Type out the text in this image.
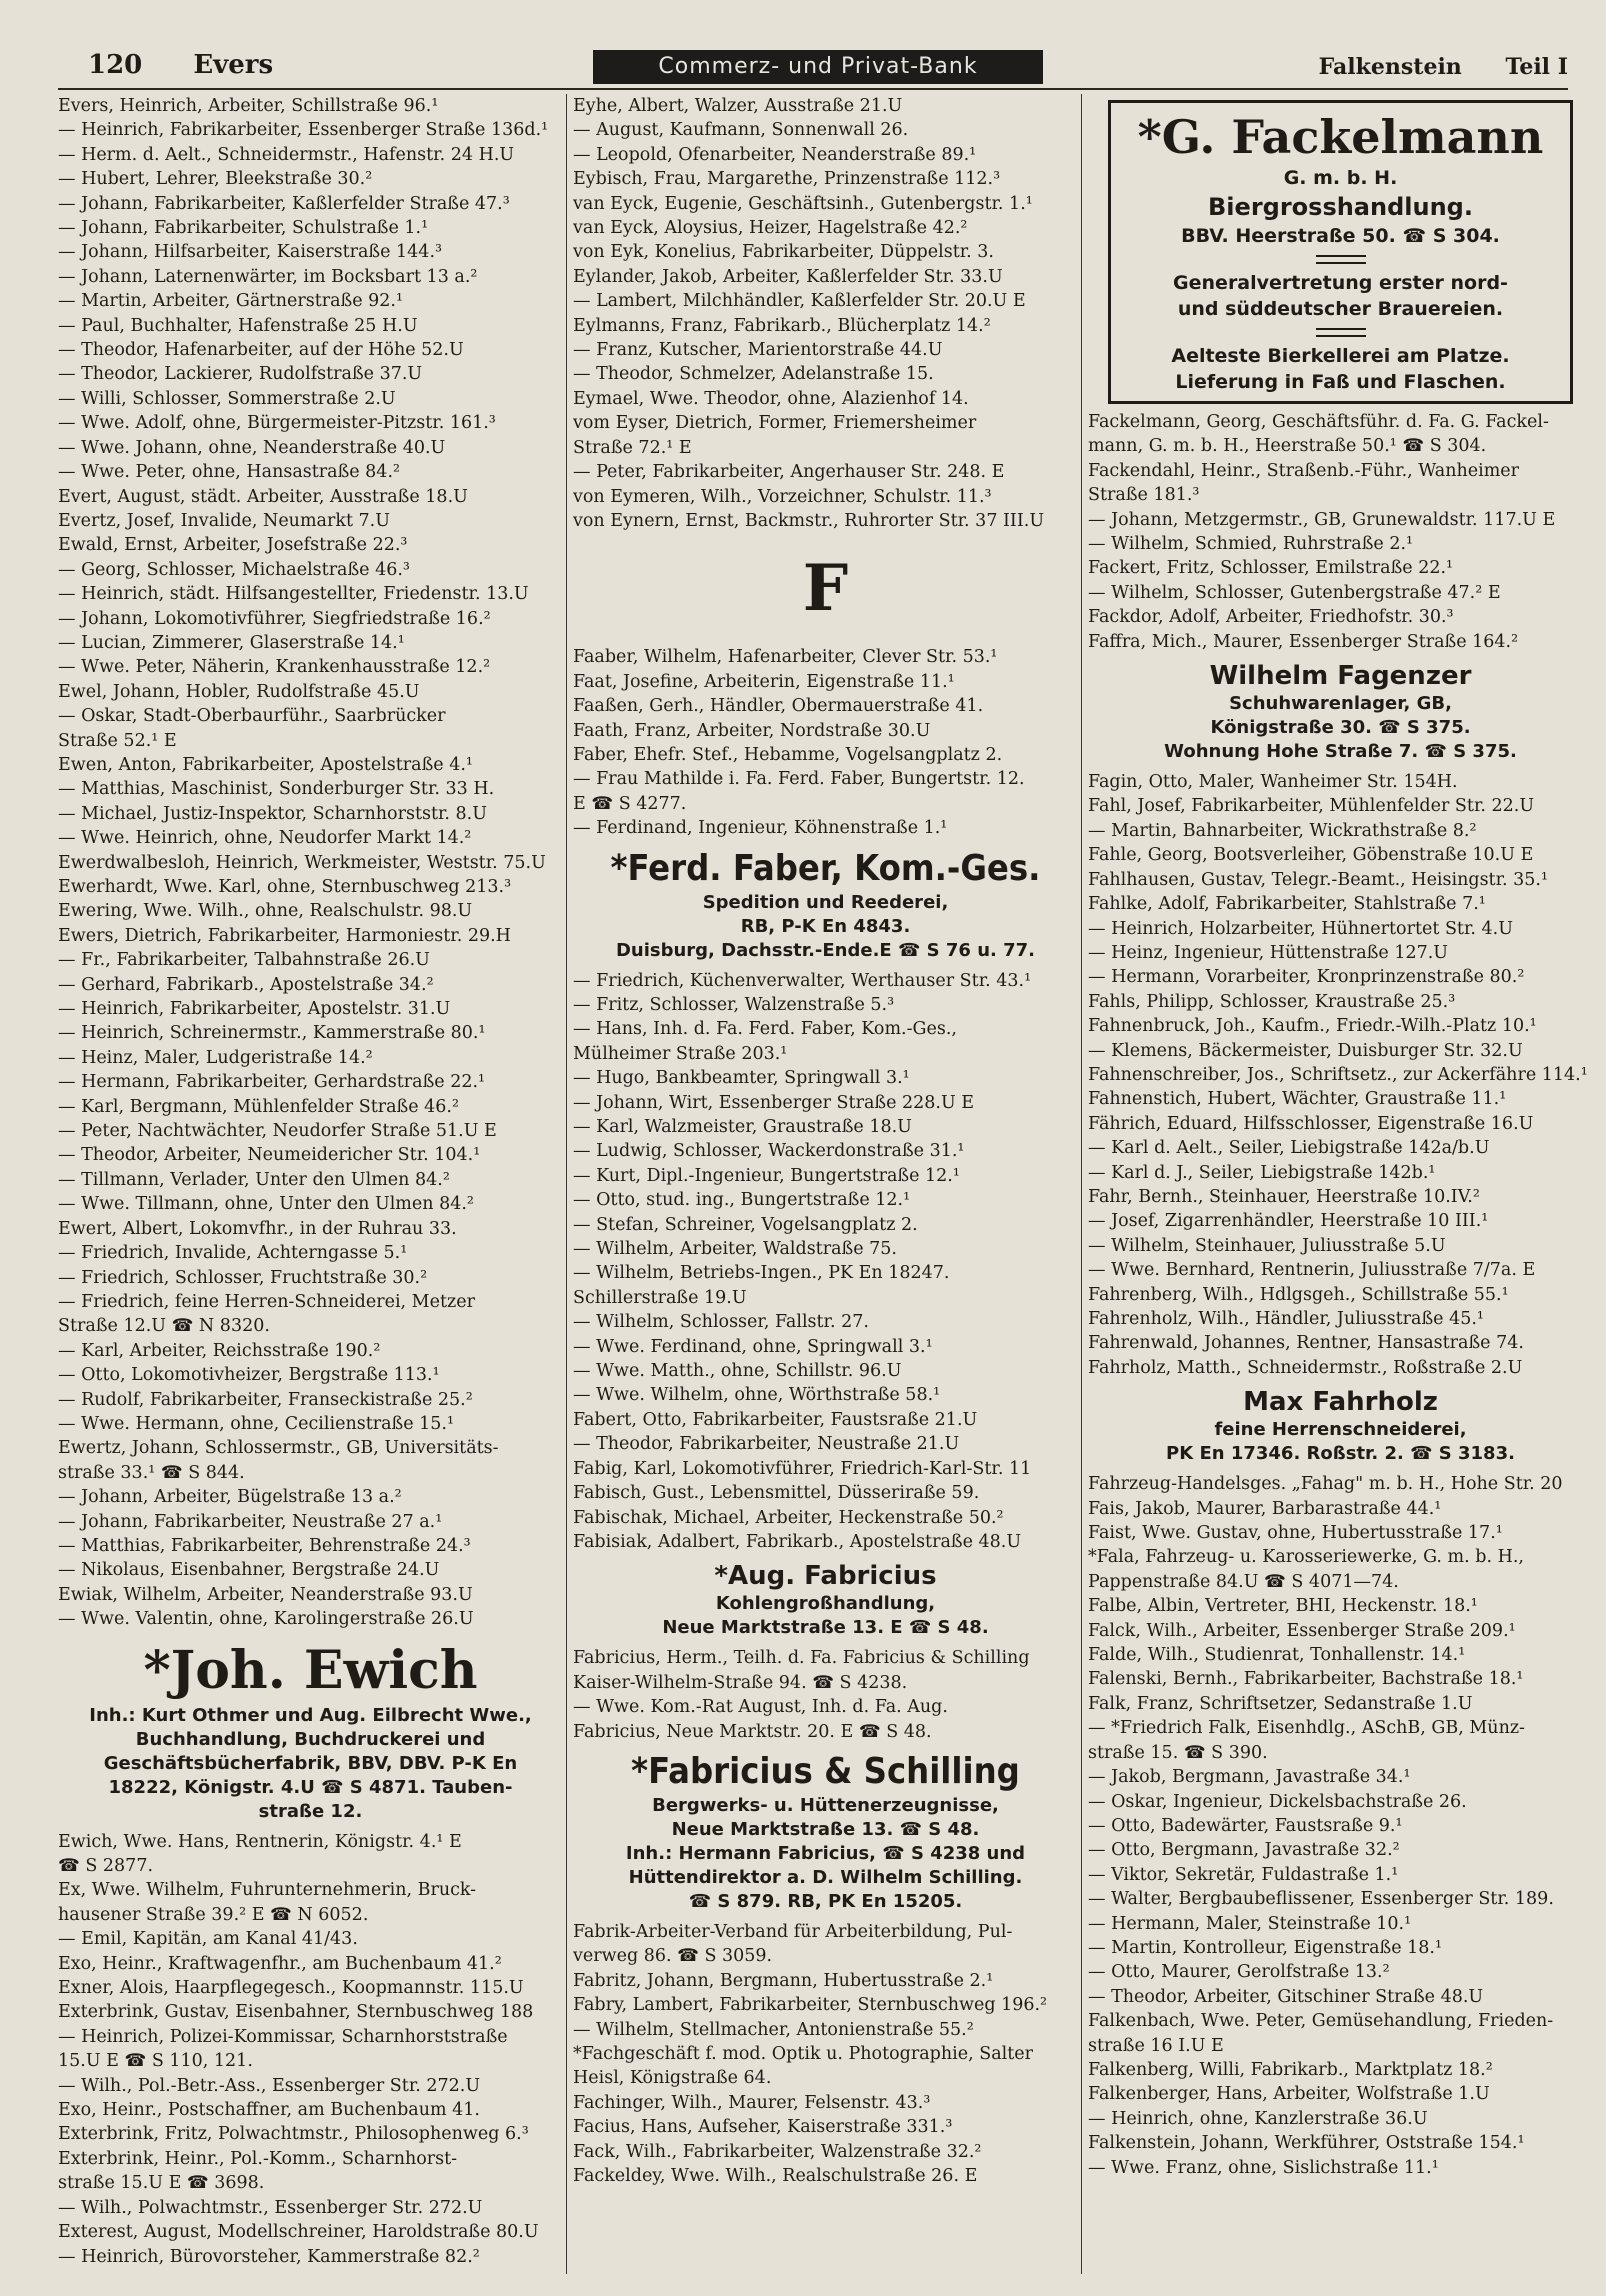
120 Evers	Commerz- und Privat-Bank	Falkenstein Teil I
Evers, Heinrich, Arbeiter, Schillstraße 96.¹
— Heinrich, Fabrikarbeiter, Essenberger Straße 136d.¹
— Herm. d. Aelt., Schneidermstr., Hafenstr. 24 H.U
— Hubert, Lehrer, Bleekstraße 30.²
— Johann, Fabrikarbeiter, Kaßlerfelder Straße 47.³
— Johann, Fabrikarbeiter, Schulstraße 1.¹
— Johann, Hilfsarbeiter, Kaiserstraße 144.³
— Johann, Laternenwärter, im Bocksbart 13 a.²
— Martin, Arbeiter, Gärtnerstraße 92.¹
— Paul, Buchhalter, Hafenstraße 25 H.U
— Theodor, Hafenarbeiter, auf der Höhe 52.U
— Theodor, Lackierer, Rudolfstraße 37.U
— Willi, Schlosser, Sommerstraße 2.U
— Wwe. Adolf, ohne, Bürgermeister-Pitzstr. 161.³
— Wwe. Johann, ohne, Neanderstraße 40.U
— Wwe. Peter, ohne, Hansastraße 84.²
Evert, August, städt. Arbeiter, Ausstraße 18.U
Evertz, Josef, Invalide, Neumarkt 7.U
Ewald, Ernst, Arbeiter, Josefstraße 22.³
— Georg, Schlosser, Michaelstraße 46.³
— Heinrich, städt. Hilfsangestellter, Friedenstr. 13.U
— Johann, Lokomotivführer, Siegfriedstraße 16.²
— Lucian, Zimmerer, Glaserstraße 14.¹
— Wwe. Peter, Näherin, Krankenhausstraße 12.²
Ewel, Johann, Hobler, Rudolfstraße 45.U
— Oskar, Stadt-Oberbaurführ., Saarbrücker
Straße 52.¹ E
Ewen, Anton, Fabrikarbeiter, Apostelstraße 4.¹
— Matthias, Maschinist, Sonderburger Str. 33 H.
— Michael, Justiz-Inspektor, Scharnhorststr. 8.U
— Wwe. Heinrich, ohne, Neudorfer Markt 14.²
Ewerdwalbesloh, Heinrich, Werkmeister, Weststr. 75.U
Ewerhardt, Wwe. Karl, ohne, Sternbuschweg 213.³
Ewering, Wwe. Wilh., ohne, Realschulstr. 98.U
Ewers, Dietrich, Fabrikarbeiter, Harmoniestr. 29.H
— Fr., Fabrikarbeiter, Talbahnstraße 26.U
— Gerhard, Fabrikarb., Apostelstraße 34.²
— Heinrich, Fabrikarbeiter, Apostelstr. 31.U
— Heinrich, Schreinermstr., Kammerstraße 80.¹
— Heinz, Maler, Ludgeristraße 14.²
— Hermann, Fabrikarbeiter, Gerhardstraße 22.¹
— Karl, Bergmann, Mühlenfelder Straße 46.²
— Peter, Nachtwächter, Neudorfer Straße 51.U E
— Theodor, Arbeiter, Neumeidericher Str. 104.¹
— Tillmann, Verlader, Unter den Ulmen 84.²
— Wwe. Tillmann, ohne, Unter den Ulmen 84.²
Ewert, Albert, Lokomvfhr., in der Ruhrau 33.
— Friedrich, Invalide, Achterngasse 5.¹
— Friedrich, Schlosser, Fruchtstraße 30.²
— Friedrich, feine Herren-Schneiderei, Metzer
Straße 12.U ☎ N 8320.
— Karl, Arbeiter, Reichsstraße 190.²
— Otto, Lokomotivheizer, Bergstraße 113.¹
— Rudolf, Fabrikarbeiter, Franseckistraße 25.²
— Wwe. Hermann, ohne, Cecilienstraße 15.¹
Ewertz, Johann, Schlossermstr., GB, Universitäts-
straße 33.¹ ☎ S 844.
— Johann, Arbeiter, Bügelstraße 13 a.²
— Johann, Fabrikarbeiter, Neustraße 27 a.¹
— Matthias, Fabrikarbeiter, Behrenstraße 24.³
— Nikolaus, Eisenbahner, Bergstraße 24.U
Ewiak, Wilhelm, Arbeiter, Neanderstraße 93.U
— Wwe. Valentin, ohne, Karolingerstraße 26.U
*Joh. Ewich
Inh.: Kurt Othmer und Aug. Eilbrecht Wwe.,
Buchhandlung, Buchdruckerei und
Geschäftsbücherfabrik, BBV, DBV. P-K En
18222, Königstr. 4.U ☎ S 4871. Tauben-
straße 12.
Ewich, Wwe. Hans, Rentnerin, Königstr. 4.¹ E
☎ S 2877.
Ex, Wwe. Wilhelm, Fuhrunternehmerin, Bruck-
hausener Straße 39.² E ☎ N 6052.
— Emil, Kapitän, am Kanal 41/43.
Exo, Heinr., Kraftwagenfhr., am Buchenbaum 41.²
Exner, Alois, Haarpflegegesch., Koopmannstr. 115.U
Exterbrink, Gustav, Eisenbahner, Sternbuschweg 188
— Heinrich, Polizei-Kommissar, Scharnhorststraße
15.U E ☎ S 110, 121.
— Wilh., Pol.-Betr.-Ass., Essenberger Str. 272.U
Exo, Heinr., Postschaffner, am Buchenbaum 41.
Exterbrink, Fritz, Polwachtmstr., Philosophenweg 6.³
Exterbrink, Heinr., Pol.-Komm., Scharnhorst-
straße 15.U E ☎ 3698.
— Wilh., Polwachtmstr., Essenberger Str. 272.U
Exterest, August, Modellschreiner, Haroldstraße 80.U
— Heinrich, Bürovorsteher, Kammerstraße 82.²
Eyhe, Albert, Walzer, Ausstraße 21.U
— August, Kaufmann, Sonnenwall 26.
— Leopold, Ofenarbeiter, Neanderstraße 89.¹
Eybisch, Frau, Margarethe, Prinzenstraße 112.³
van Eyck, Eugenie, Geschäftsinh., Gutenbergstr. 1.¹
van Eyck, Aloysius, Heizer, Hagelstraße 42.²
von Eyk, Konelius, Fabrikarbeiter, Düppelstr. 3.
Eylander, Jakob, Arbeiter, Kaßlerfelder Str. 33.U
— Lambert, Milchhändler, Kaßlerfelder Str. 20.U E
Eylmanns, Franz, Fabrikarb., Blücherplatz 14.²
— Franz, Kutscher, Marientorstraße 44.U
— Theodor, Schmelzer, Adelanstraße 15.
Eymael, Wwe. Theodor, ohne, Alazienhof 14.
vom Eyser, Dietrich, Former, Friemersheimer
Straße 72.¹ E
— Peter, Fabrikarbeiter, Angerhauser Str. 248. E
von Eymeren, Wilh., Vorzeichner, Schulstr. 11.³
von Eynern, Ernst, Backmstr., Ruhrorter Str. 37 III.U
F
Faaber, Wilhelm, Hafenarbeiter, Clever Str. 53.¹
Faat, Josefine, Arbeiterin, Eigenstraße 11.¹
Faaßen, Gerh., Händler, Obermauerstraße 41.
Faath, Franz, Arbeiter, Nordstraße 30.U
Faber, Ehefr. Stef., Hebamme, Vogelsangplatz 2.
— Frau Mathilde i. Fa. Ferd. Faber, Bungertstr. 12.
E ☎ S 4277.
— Ferdinand, Ingenieur, Köhnenstraße 1.¹
*Ferd. Faber, Kom.-Ges.
Spedition und Reederei,
RB, P-K En 4843.
Duisburg, Dachsstr.-Ende.E ☎ S 76 u. 77.
— Friedrich, Küchenverwalter, Werthauser Str. 43.¹
— Fritz, Schlosser, Walzenstraße 5.³
— Hans, Inh. d. Fa. Ferd. Faber, Kom.-Ges.,
Mülheimer Straße 203.¹
— Hugo, Bankbeamter, Springwall 3.¹
— Johann, Wirt, Essenberger Straße 228.U E
— Karl, Walzmeister, Graustraße 18.U
— Ludwig, Schlosser, Wackerdonstraße 31.¹
— Kurt, Dipl.-Ingenieur, Bungertstraße 12.¹
— Otto, stud. ing., Bungertstraße 12.¹
— Stefan, Schreiner, Vogelsangplatz 2.
— Wilhelm, Arbeiter, Waldstraße 75.
— Wilhelm, Betriebs-Ingen., PK En 18247.
Schillerstraße 19.U
— Wilhelm, Schlosser, Fallstr. 27.
— Wwe. Ferdinand, ohne, Springwall 3.¹
— Wwe. Matth., ohne, Schillstr. 96.U
— Wwe. Wilhelm, ohne, Wörthstraße 58.¹
Fabert, Otto, Fabrikarbeiter, Faustsraße 21.U
— Theodor, Fabrikarbeiter, Neustraße 21.U
Fabig, Karl, Lokomotivführer, Friedrich-Karl-Str. 11
Fabisch, Gust., Lebensmittel, Düsseriraße 59.
Fabischak, Michael, Arbeiter, Heckenstraße 50.²
Fabisiak, Adalbert, Fabrikarb., Apostelstraße 48.U
*Aug. Fabricius
Kohlengroßhandlung,
Neue Marktstraße 13. E ☎ S 48.
Fabricius, Herm., Teilh. d. Fa. Fabricius & Schilling
Kaiser-Wilhelm-Straße 94. ☎ S 4238.
— Wwe. Kom.-Rat August, Inh. d. Fa. Aug.
Fabricius, Neue Marktstr. 20. E ☎ S 48.
*Fabricius & Schilling
Bergwerks- u. Hüttenerzeugnisse,
Neue Marktstraße 13. ☎ S 48.
Inh.: Hermann Fabricius, ☎ S 4238 und
Hüttendirektor a. D. Wilhelm Schilling.
☎ S 879. RB, PK En 15205.
Fabrik-Arbeiter-Verband für Arbeiterbildung, Pul-
verweg 86. ☎ S 3059.
Fabritz, Johann, Bergmann, Hubertusstraße 2.¹
Fabry, Lambert, Fabrikarbeiter, Sternbuschweg 196.²
— Wilhelm, Stellmacher, Antonienstraße 55.²
*Fachgeschäft f. mod. Optik u. Photographie, Salter
Heisl, Königstraße 64.
Fachinger, Wilh., Maurer, Felsenstr. 43.³
Facius, Hans, Aufseher, Kaiserstraße 331.³
Fack, Wilh., Fabrikarbeiter, Walzenstraße 32.²
Fackeldey, Wwe. Wilh., Realschulstraße 26. E
*G. Fackelmann
G. m. b. H.
Biergrosshandlung.
BBV. Heerstraße 50. ☎ S 304.
Generalvertretung erster nord-
und süddeutscher Brauereien.
Aelteste Bierkellerei am Platze.
Lieferung in Faß und Flaschen.
Fackelmann, Georg, Geschäftsführ. d. Fa. G. Fackel-
mann, G. m. b. H., Heerstraße 50.¹ ☎ S 304.
Fackendahl, Heinr., Straßenb.-Führ., Wanheimer
Straße 181.³
— Johann, Metzgermstr., GB, Grunewaldstr. 117.U E
— Wilhelm, Schmied, Ruhrstraße 2.¹
Fackert, Fritz, Schlosser, Emilstraße 22.¹
— Wilhelm, Schlosser, Gutenbergstraße 47.² E
Fackdor, Adolf, Arbeiter, Friedhofstr. 30.³
Faffra, Mich., Maurer, Essenberger Straße 164.²
Wilhelm Fagenzer
Schuhwarenlager, GB,
Königstraße 30. ☎ S 375.
Wohnung Hohe Straße 7. ☎ S 375.
Fagin, Otto, Maler, Wanheimer Str. 154H.
Fahl, Josef, Fabrikarbeiter, Mühlenfelder Str. 22.U
— Martin, Bahnarbeiter, Wickrathstraße 8.²
Fahle, Georg, Bootsverleiher, Göbenstraße 10.U E
Fahlhausen, Gustav, Telegr.-Beamt., Heisingstr. 35.¹
Fahlke, Adolf, Fabrikarbeiter, Stahlstraße 7.¹
— Heinrich, Holzarbeiter, Hühnertortet Str. 4.U
— Heinz, Ingenieur, Hüttenstraße 127.U
— Hermann, Vorarbeiter, Kronprinzenstraße 80.²
Fahls, Philipp, Schlosser, Kraustraße 25.³
Fahnenbruck, Joh., Kaufm., Friedr.-Wilh.-Platz 10.¹
— Klemens, Bäckermeister, Duisburger Str. 32.U
Fahnenschreiber, Jos., Schriftsetz., zur Ackerfähre 114.¹
Fahnenstich, Hubert, Wächter, Graustraße 11.¹
Fährich, Eduard, Hilfsschlosser, Eigenstraße 16.U
— Karl d. Aelt., Seiler, Liebigstraße 142a/b.U
— Karl d. J., Seiler, Liebigstraße 142b.¹
Fahr, Bernh., Steinhauer, Heerstraße 10.IV.²
— Josef, Zigarrenhändler, Heerstraße 10 III.¹
— Wilhelm, Steinhauer, Juliusstraße 5.U
— Wwe. Bernhard, Rentnerin, Juliusstraße 7/7a. E
Fahrenberg, Wilh., Hdlgsgeh., Schillstraße 55.¹
Fahrenholz, Wilh., Händler, Juliusstraße 45.¹
Fahrenwald, Johannes, Rentner, Hansastraße 74.
Fahrholz, Matth., Schneidermstr., Roßstraße 2.U
Max Fahrholz
feine Herrenschneiderei,
PK En 17346. Roßstr. 2. ☎ S 3183.
Fahrzeug-Handelsges. „Fahag" m. b. H., Hohe Str. 20
Fais, Jakob, Maurer, Barbarastraße 44.¹
Faist, Wwe. Gustav, ohne, Hubertusstraße 17.¹
*Fala, Fahrzeug- u. Karosseriewerke, G. m. b. H.,
Pappenstraße 84.U ☎ S 4071—74.
Falbe, Albin, Vertreter, BHI, Heckenstr. 18.¹
Falck, Wilh., Arbeiter, Essenberger Straße 209.¹
Falde, Wilh., Studienrat, Tonhallenstr. 14.¹
Falenski, Bernh., Fabrikarbeiter, Bachstraße 18.¹
Falk, Franz, Schriftsetzer, Sedanstraße 1.U
— *Friedrich Falk, Eisenhdlg., ASchB, GB, Münz-
straße 15. ☎ S 390.
— Jakob, Bergmann, Javastraße 34.¹
— Oskar, Ingenieur, Dickelsbachstraße 26.
— Otto, Badewärter, Faustsraße 9.¹
— Otto, Bergmann, Javastraße 32.²
— Viktor, Sekretär, Fuldastraße 1.¹
— Walter, Bergbaubeflissener, Essenberger Str. 189.
— Hermann, Maler, Steinstraße 10.¹
— Martin, Kontrolleur, Eigenstraße 18.¹
— Otto, Maurer, Gerolfstraße 13.²
— Theodor, Arbeiter, Gitschiner Straße 48.U
Falkenbach, Wwe. Peter, Gemüsehandlung, Frieden-
straße 16 I.U E
Falkenberg, Willi, Fabrikarb., Marktplatz 18.²
Falkenberger, Hans, Arbeiter, Wolfstraße 1.U
— Heinrich, ohne, Kanzlerstraße 36.U
Falkenstein, Johann, Werkführer, Oststraße 154.¹
— Wwe. Franz, ohne, Sislichstraße 11.¹
